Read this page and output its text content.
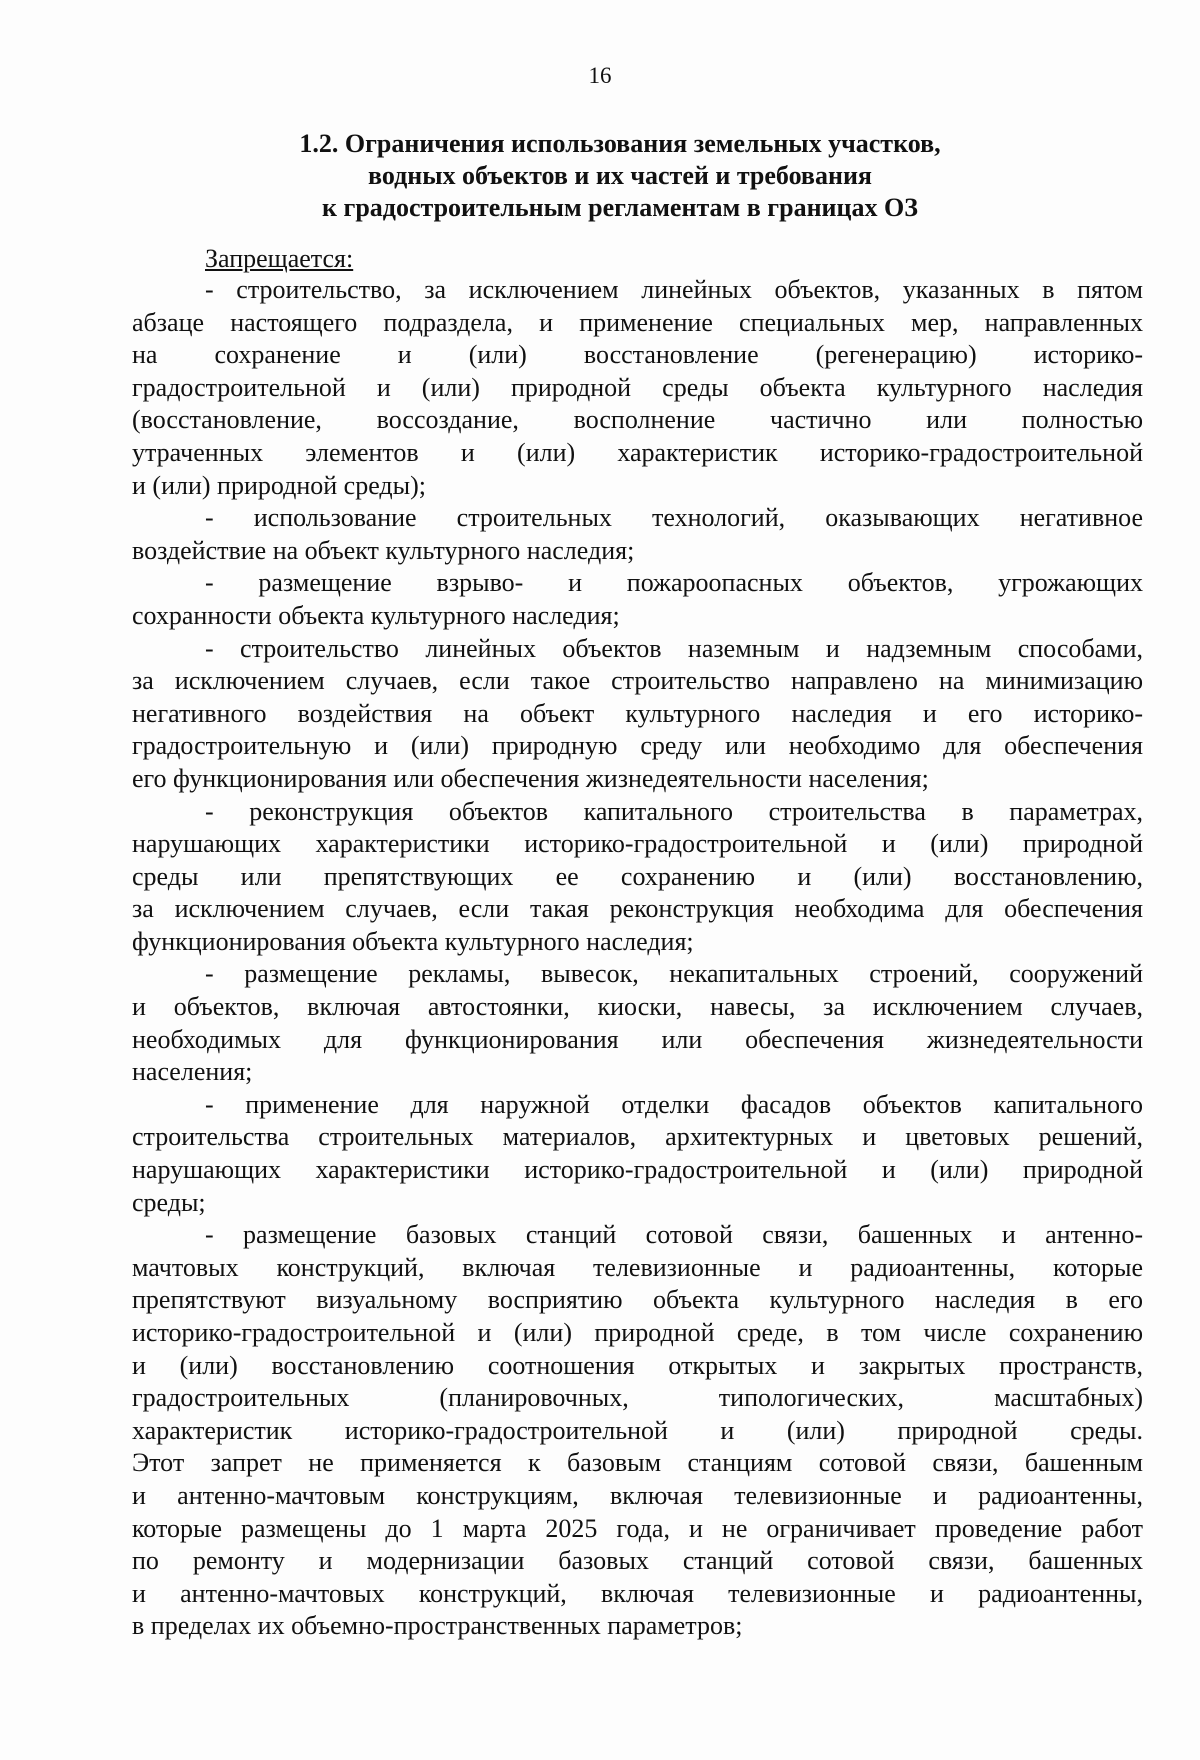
16
1.2. Ограничения использования земельных участков,
водных объектов и их частей и требования
к градостроительным регламентам в границах ОЗ
Запрещается:
- строительство, за исключением линейных объектов, указанных в пятом
абзаце настоящего подраздела, и применение специальных мер, направленных
на сохранение и (или) восстановление (регенерацию) историко-
градостроительной и (или) природной среды объекта культурного наследия
(восстановление, воссоздание, восполнение частично или полностью
утраченных элементов и (или) характеристик историко-градостроительной
и (или) природной среды);
- использование строительных технологий, оказывающих негативное
воздействие на объект культурного наследия;
- размещение взрыво- и пожароопасных объектов, угрожающих
сохранности объекта культурного наследия;
- строительство линейных объектов наземным и надземным способами,
за исключением случаев, если такое строительство направлено на минимизацию
негативного воздействия на объект культурного наследия и его историко-
градостроительную и (или) природную среду или необходимо для обеспечения
его функционирования или обеспечения жизнедеятельности населения;
- реконструкция объектов капитального строительства в параметрах,
нарушающих характеристики историко-градостроительной и (или) природной
среды или препятствующих ее сохранению и (или) восстановлению,
за исключением случаев, если такая реконструкция необходима для обеспечения
функционирования объекта культурного наследия;
- размещение рекламы, вывесок, некапитальных строений, сооружений
и объектов, включая автостоянки, киоски, навесы, за исключением случаев,
необходимых для функционирования или обеспечения жизнедеятельности
населения;
- применение для наружной отделки фасадов объектов капитального
строительства строительных материалов, архитектурных и цветовых решений,
нарушающих характеристики историко-градостроительной и (или) природной
среды;
- размещение базовых станций сотовой связи, башенных и антенно-
мачтовых конструкций, включая телевизионные и радиоантенны, которые
препятствуют визуальному восприятию объекта культурного наследия в его
историко-градостроительной и (или) природной среде, в том числе сохранению
и (или) восстановлению соотношения открытых и закрытых пространств,
градостроительных (планировочных, типологических, масштабных)
характеристик историко-градостроительной и (или) природной среды.
Этот запрет не применяется к базовым станциям сотовой связи, башенным
и антенно-мачтовым конструкциям, включая телевизионные и радиоантенны,
которые размещены до 1 марта 2025 года, и не ограничивает проведение работ
по ремонту и модернизации базовых станций сотовой связи, башенных
и антенно-мачтовых конструкций, включая телевизионные и радиоантенны,
в пределах их объемно-пространственных параметров;
